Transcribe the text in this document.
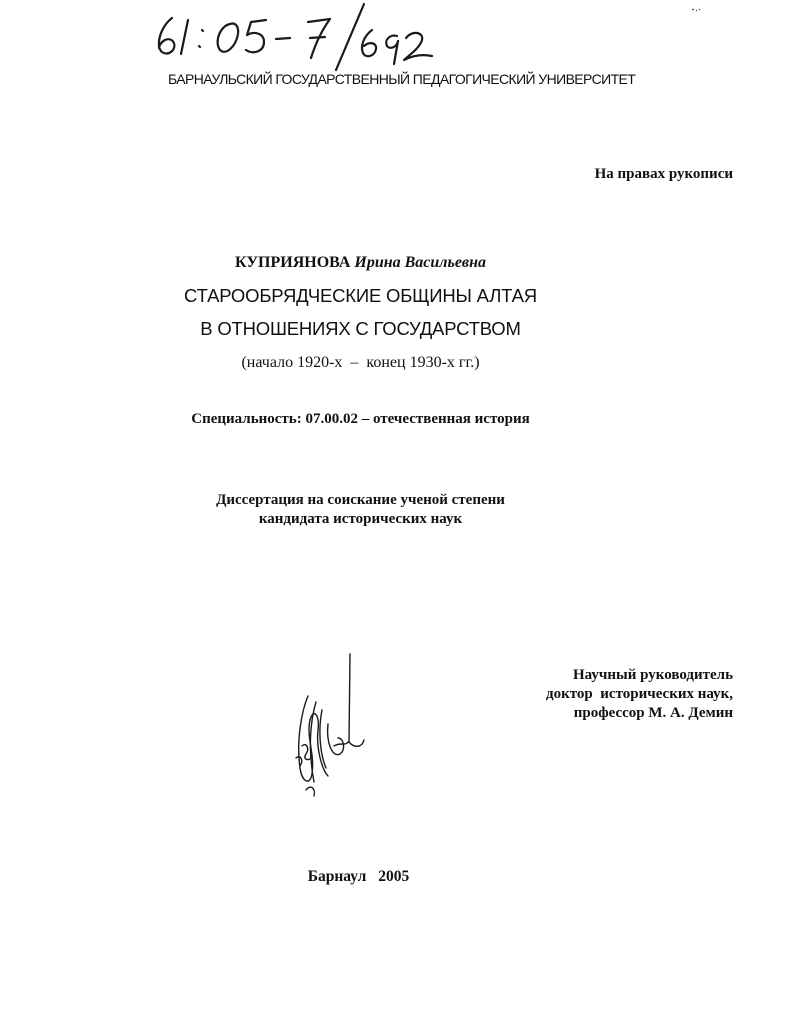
БАРНАУЛЬСКИЙ ГОСУДАРСТВЕННЫЙ ПЕДАГОГИЧЕСКИЙ УНИВЕРСИТЕТ
На правах рукописи
КУПРИЯНОВА Ирина Васильевна
СТАРООБРЯДЧЕСКИЕ ОБЩИНЫ АЛТАЯ
В ОТНОШЕНИЯХ С ГОСУДАРСТВОМ
(начало 1920-х  –  конец 1930-х гг.)
Специальность: 07.00.02 – отечественная история
Диссертация на соискание ученой степени
кандидата исторических наук
Научный руководитель
доктор  исторических наук,
профессор М. А. Демин
Барнаул 2005
